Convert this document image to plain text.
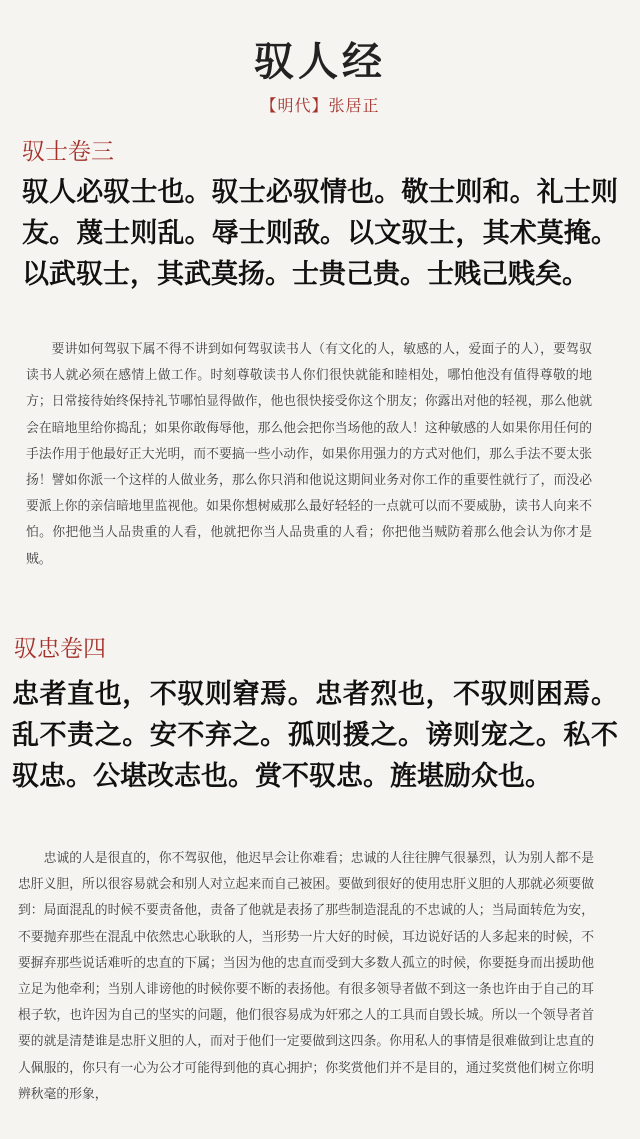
驭人经
【明代】张居正
驭士卷三
驭人必驭士也。驭士必驭情也。敬士则和。礼士则友。蔑士则乱。辱士则敌。以文驭士，其术莫掩。以武驭士，其武莫扬。士贵己贵。士贱己贱矣。
要讲如何驾驭下属不得不讲到如何驾驭读书人（有文化的人，敏感的人，爱面子的人），要驾驭读书人就必须在感情上做工作。时刻尊敬读书人你们很快就能和睦相处，哪怕他没有值得尊敬的地方；日常接待始终保持礼节哪怕显得做作，他也很快接受你这个朋友；你露出对他的轻视，那么他就会在暗地里给你捣乱；如果你敢侮辱他，那么他会把你当场他的敌人！这种敏感的人如果你用任何的手法作用于他最好正大光明，而不要搞一些小动作，如果你用强力的方式对他们，那么手法不要太张扬！譬如你派一个这样的人做业务，那么你只消和他说这期间业务对你工作的重要性就行了，而没必要派上你的亲信暗地里监视他。如果你想树威那么最好轻轻的一点就可以而不要威胁，读书人向来不怕。你把他当人品贵重的人看，他就把你当人品贵重的人看；你把他当贼防着那么他会认为你才是贼。
驭忠卷四
忠者直也，不驭则窘焉。忠者烈也，不驭则困焉。乱不责之。安不弃之。孤则援之。谤则宠之。私不驭忠。公堪改志也。赏不驭忠。旌堪励众也。
忠诚的人是很直的，你不驾驭他，他迟早会让你难看；忠诚的人往往脾气很暴烈，认为别人都不是忠肝义胆，所以很容易就会和别人对立起来而自己被困。要做到很好的使用忠肝义胆的人那就必须要做到：局面混乱的时候不要责备他，责备了他就是表扬了那些制造混乱的不忠诚的人；当局面转危为安，不要抛弃那些在混乱中依然忠心耿耿的人，当形势一片大好的时候，耳边说好话的人多起来的时候，不要摒弃那些说话难听的忠直的下属；当因为他的忠直而受到大多数人孤立的时候，你要挺身而出援助他立足为他牵利；当别人诽谤他的时候你要不断的表扬他。有很多领导者做不到这一条也许由于自己的耳根子软，也许因为自己的坚实的问题，他们很容易成为奸邪之人的工具而自毁长城。所以一个领导者首要的就是清楚谁是忠肝义胆的人，而对于他们一定要做到这四条。你用私人的事情是很难做到让忠直的人佩服的，你只有一心为公才可能得到他的真心拥护；你奖赏他们并不是目的，通过奖赏他们树立你明辨秋毫的形象，
